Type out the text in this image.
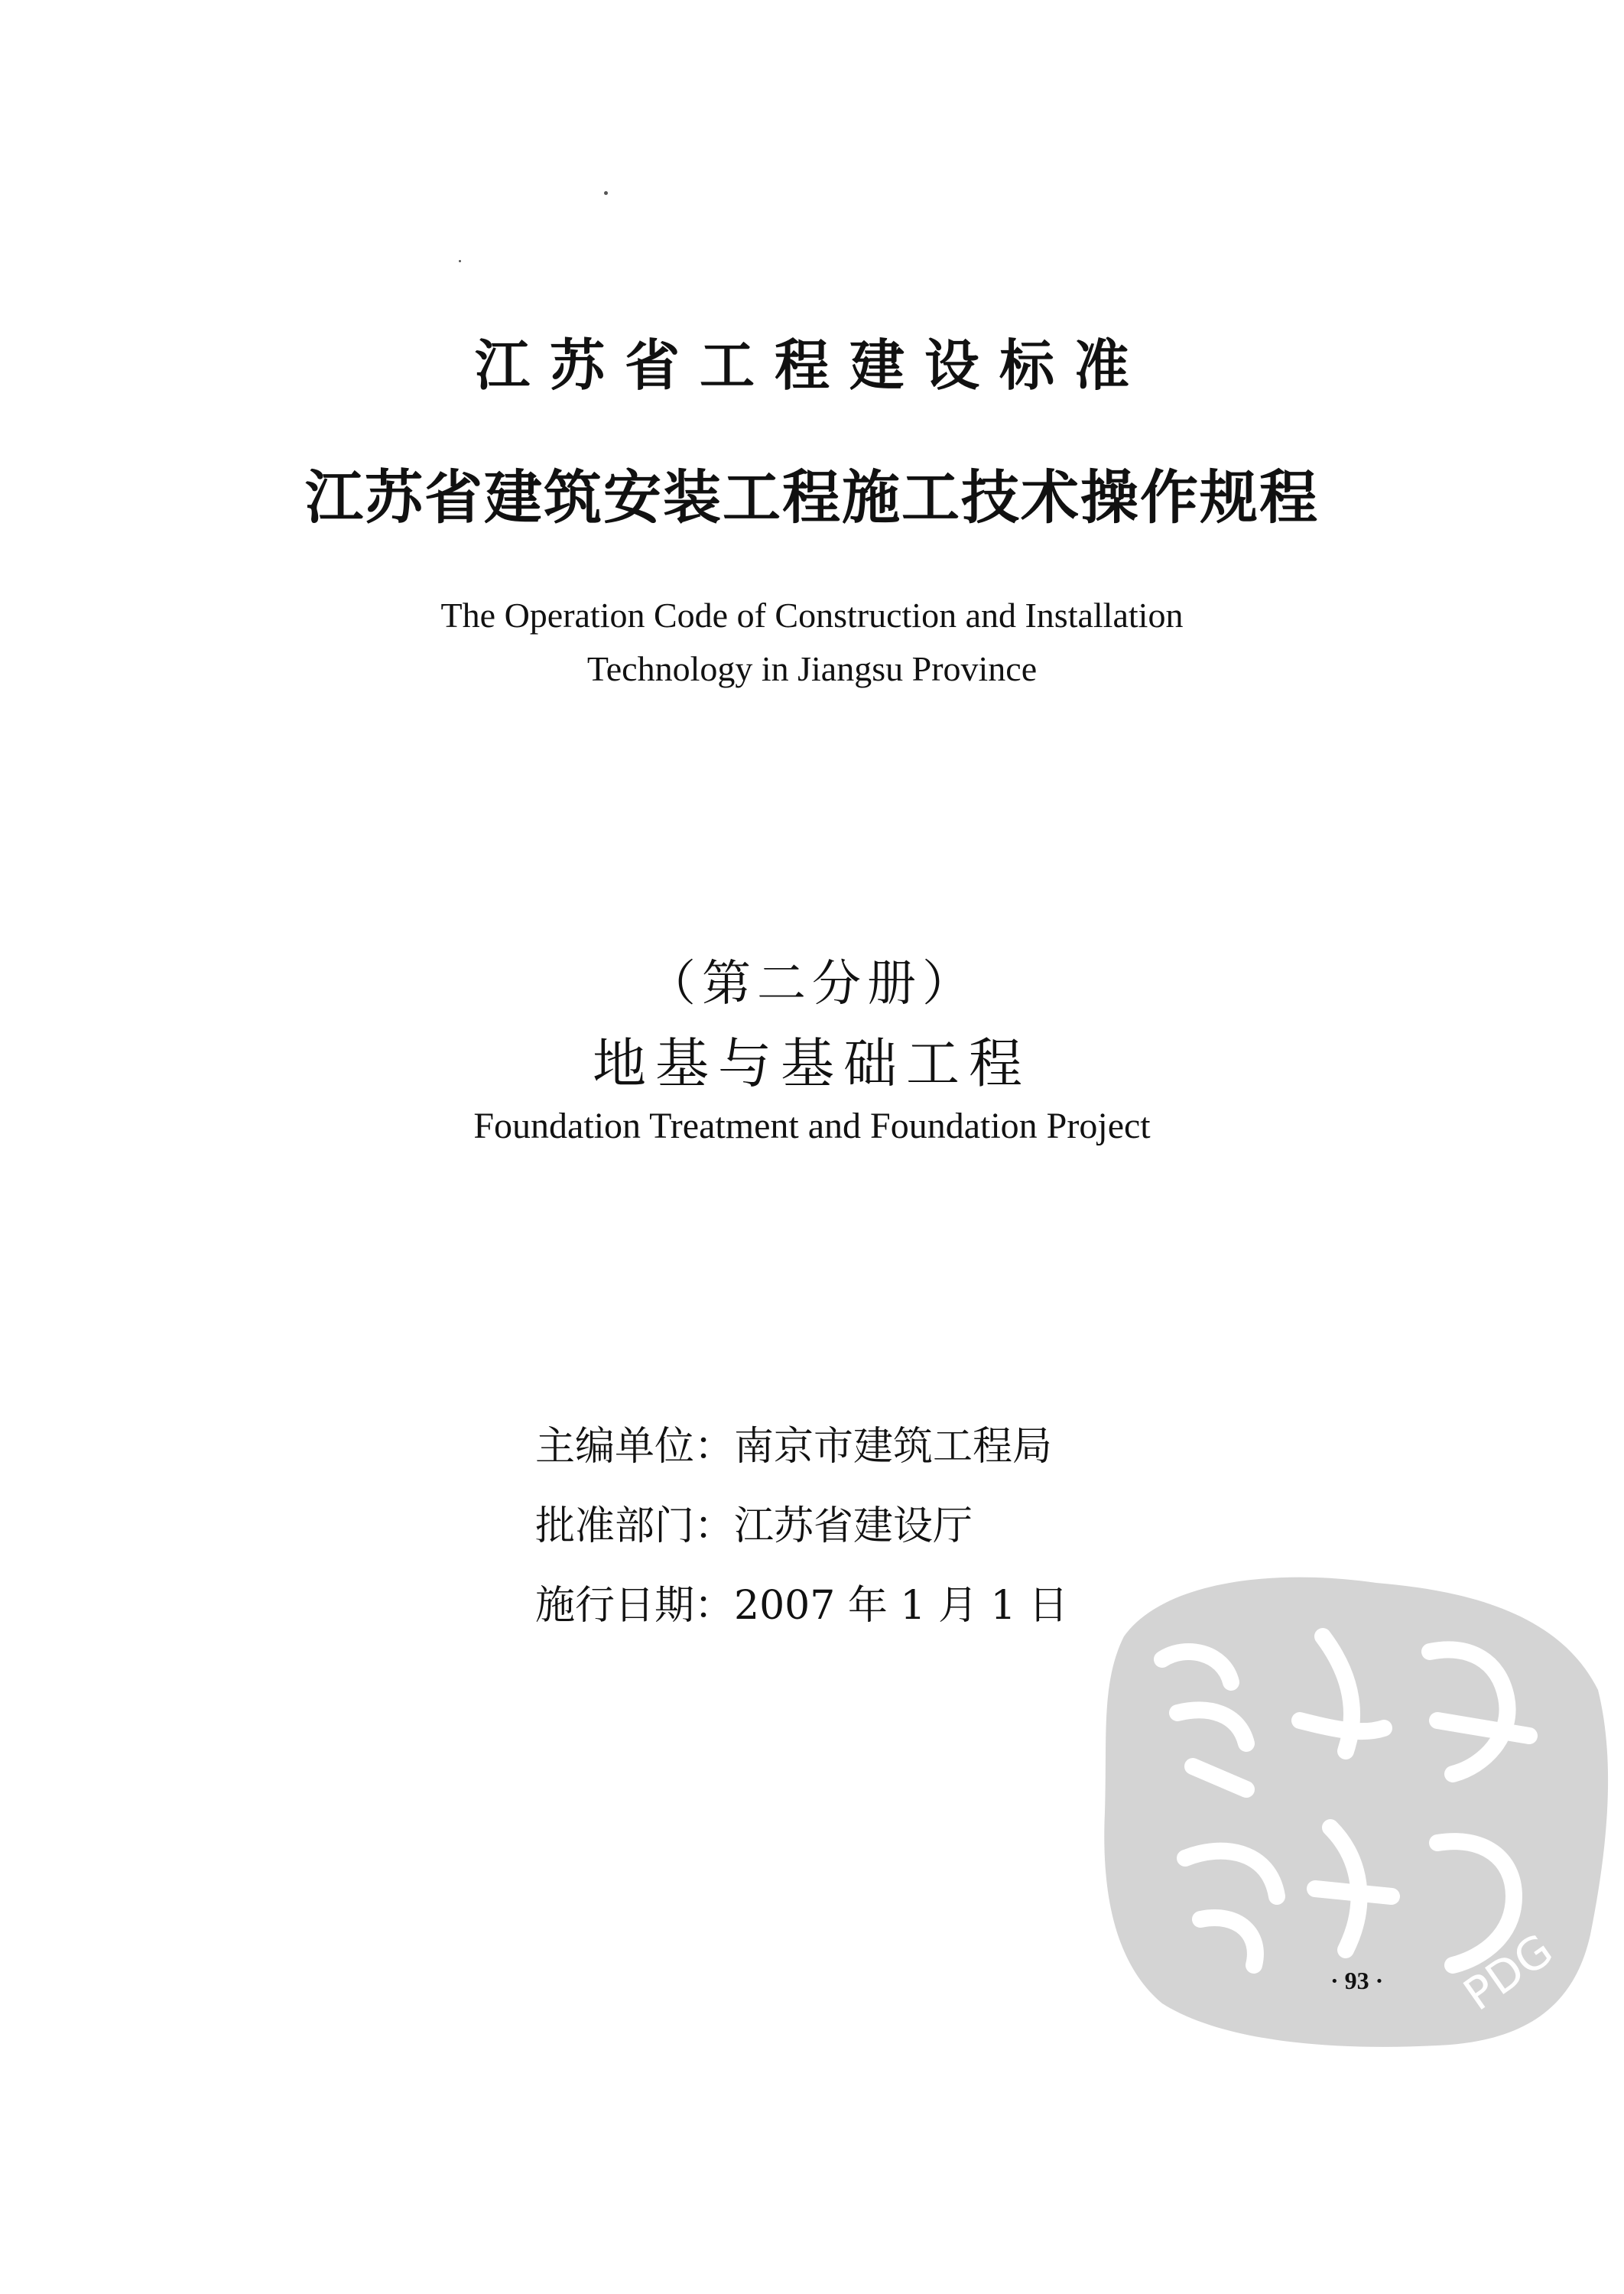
江苏省工程建设标准
江苏省建筑安装工程施工技术操作规程
The Operation Code of Construction and Installation
Technology in Jiangsu Province
（第二分册）
地基与基础工程
Foundation Treatment and Foundation Project
主编单位：南京市建筑工程局
批准部门：江苏省建设厅
施行日期：2007 年 1 月 1 日
PDG
· 93 ·
